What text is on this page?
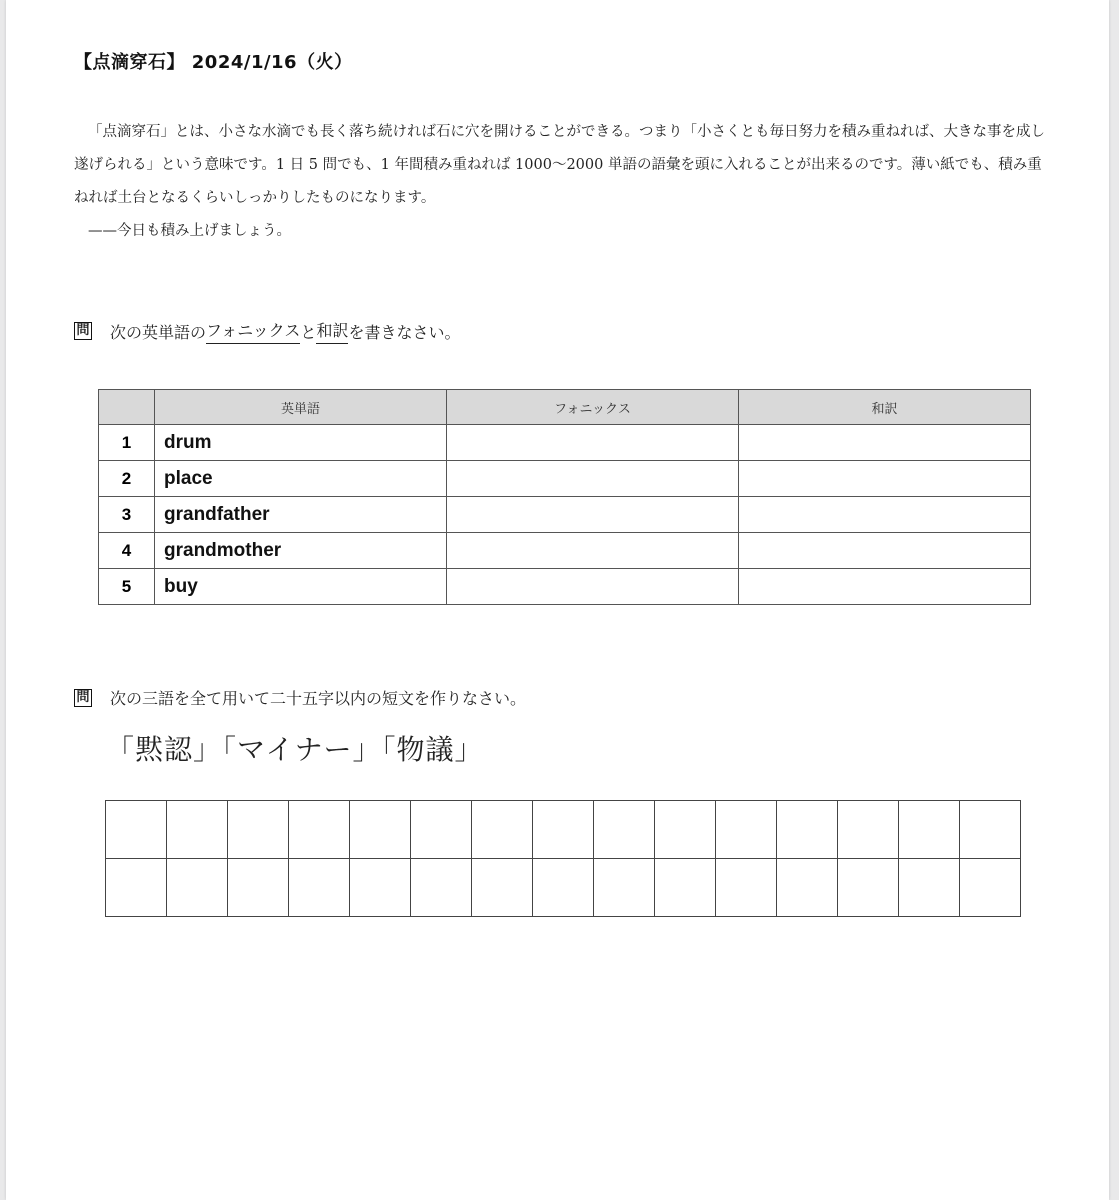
【点滴穿石】 2024/1/16（火）

「点滴穿石」とは、小さな水滴でも長く落ち続ければ石に穴を開けることができる。つまり「小さくとも毎日努力を積み重ねれば、大きな事を成し遂げられる」という意味です。1 日 5 問でも、1 年間積み重ねれば 1000〜2000 単語の語彙を頭に入れることが出来るのです。薄い紙でも、積み重ねれば土台となるくらいしっかりしたものになります。

——今日も積み上げましょう。

問 次の英単語の フォニックス と 和訳 を書きなさい。
	英単語	フォニックス	和訳
1	drum		
2	place		
3	grandfather		
4	grandmother		
5	buy		
問 次の三語を全て用いて二十五字以内の短文を作りなさい。
「黙認」「マイナー」「物議」
